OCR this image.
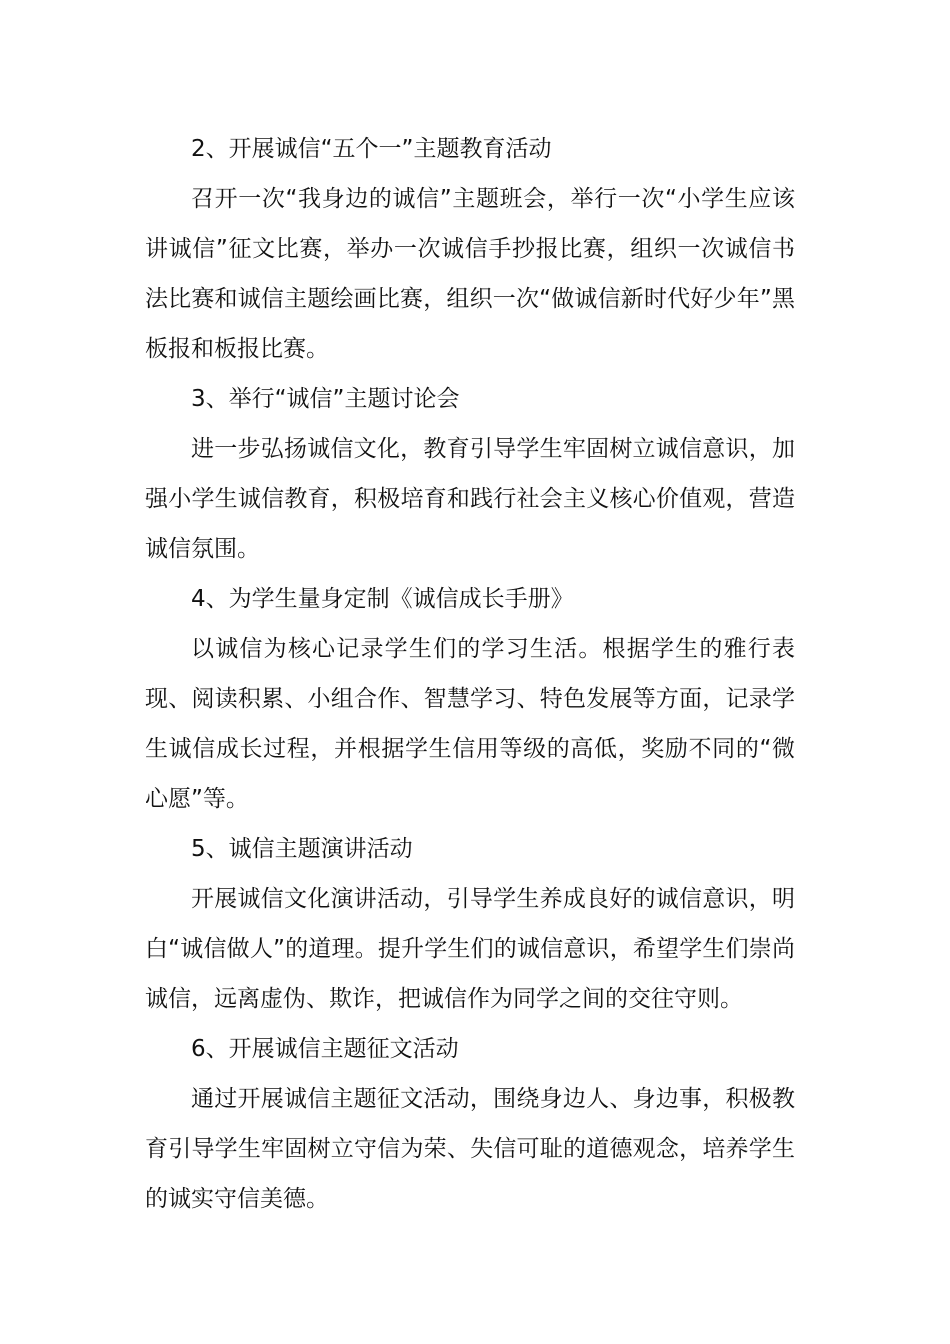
2、开展诚信“五个一”主题教育活动

召开一次“我身边的诚信”主题班会，举行一次“小学生应该讲诚信”征文比赛，举办一次诚信手抄报比赛，组织一次诚信书法比赛和诚信主题绘画比赛，组织一次“做诚信新时代好少年”黑板报和板报比赛。

3、举行“诚信”主题讨论会

进一步弘扬诚信文化，教育引导学生牢固树立诚信意识，加强小学生诚信教育，积极培育和践行社会主义核心价值观，营造诚信氛围。

4、为学生量身定制《诚信成长手册》

以诚信为核心记录学生们的学习生活。根据学生的雅行表现、阅读积累、小组合作、智慧学习、特色发展等方面，记录学生诚信成长过程，并根据学生信用等级的高低，奖励不同的“微心愿”等。

5、诚信主题演讲活动

开展诚信文化演讲活动，引导学生养成良好的诚信意识，明白“诚信做人”的道理。提升学生们的诚信意识，希望学生们崇尚诚信，远离虚伪、欺诈，把诚信作为同学之间的交往守则。

6、开展诚信主题征文活动

通过开展诚信主题征文活动，围绕身边人、身边事，积极教育引导学生牢固树立守信为荣、失信可耻的道德观念，培养学生的诚实守信美德。
